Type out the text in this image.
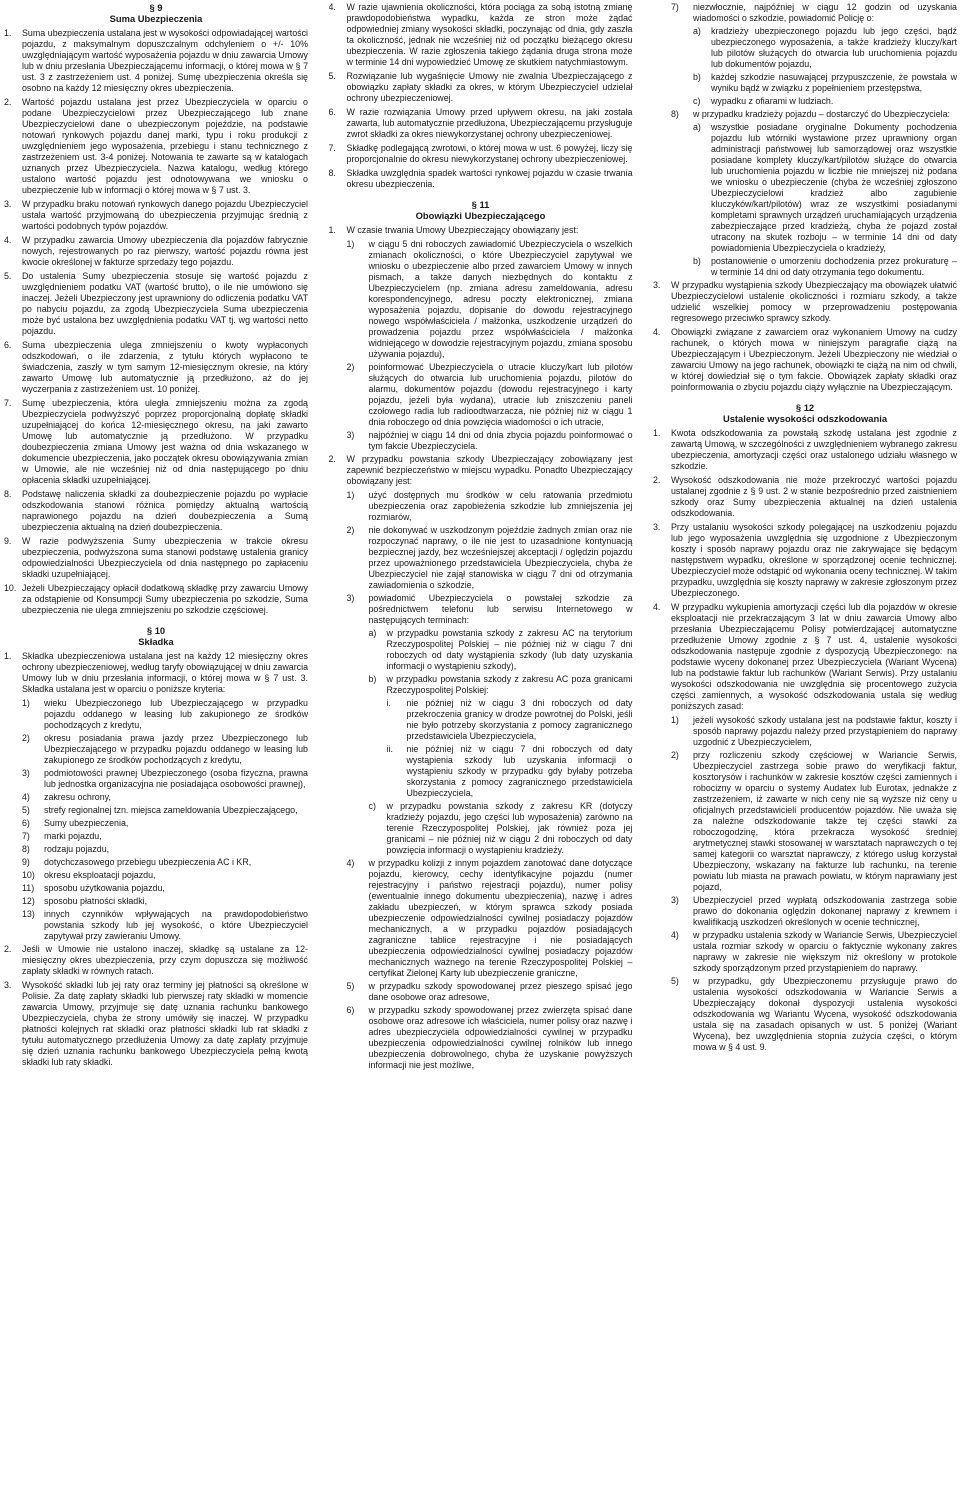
§ 9
Suma Ubezpieczenia
1.	Suma ubezpieczenia ustalana jest w wysokości odpowiadającej wartości pojazdu, z maksymalnym dopuszczalnym odchyleniem o +/- 10% uwzględniającym wartość wyposażenia pojazdu w dniu zawarcia Umowy lub w dniu przesłania Ubezpieczającemu informacji, o której mowa w § 7 ust. 3 z zastrzeżeniem ust. 4 poniżej. Sumę ubezpieczenia określa się osobno na każdy 12 miesięczny okres ubezpieczenia.
2.	Wartość pojazdu ustalana jest przez Ubezpieczyciela w oparciu o podane Ubezpieczycielowi przez Ubezpieczającego lub znane Ubezpieczycielowi dane o ubezpieczonym pojeździe, na podstawie notowań rynkowych pojazdu danej marki, typu i roku produkcji z uwzględnieniem jego wyposażenia, przebiegu i stanu technicznego z zastrzeżeniem ust. 3-4 poniżej. Notowania te zawarte są w katalogach uznanych przez Ubezpieczyciela. Nazwa katalogu, według którego ustalono wartość pojazdu jest odnotowywana we wniosku o ubezpieczenie lub w informacji o której mowa w § 7 ust. 3.
3.	W przypadku braku notowań rynkowych danego pojazdu Ubezpieczyciel ustala wartość przyjmowaną do ubezpieczenia przyjmując średnią z wartości podobnych typów pojazdów.
4.	W przypadku zawarcia Umowy ubezpieczenia dla pojazdów fabrycznie nowych, rejestrowanych po raz pierwszy, wartość pojazdu równa jest kwocie określonej w fakturze sprzedaży tego pojazdu.
5.	Do ustalenia Sumy ubezpieczenia stosuje się wartość pojazdu z uwzględnieniem podatku VAT (wartość brutto), o ile nie umówiono się inaczej. Jeżeli Ubezpieczony jest uprawniony do odliczenia podatku VAT po nabyciu pojazdu, za zgodą Ubezpieczyciela Suma ubezpieczenia może być ustalona bez uwzględnienia podatku VAT tj. wg wartości netto pojazdu.
6.	Suma ubezpieczenia ulega zmniejszeniu o kwoty wypłaconych odszkodowań, o ile zdarzenia, z tytułu których wypłacono te świadczenia, zaszły w tym samym 12-miesięcznym okresie, na który zawarto Umowę lub automatycznie ją przedłużono, aż do jej wyczerpania z zastrzeżeniem ust. 10 poniżej.
7.	Sumę ubezpieczenia, która uległa zmniejszeniu można za zgodą Ubezpieczyciela podwyższyć poprzez proporcjonalną dopłatę składki uzupełniającej do końca 12-miesięcznego okresu, na jaki zawarto Umowę lub automatycznie ją przedłużono. W przypadku doubezpieczenia zmiana Umowy jest ważna od dnia wskazanego w dokumencie ubezpieczenia, jako początek okresu obowiązywania zmian w Umowie, ale nie wcześniej niż od dnia następującego po dniu opłacenia składki uzupełniającej.
8.	Podstawę naliczenia składki za doubezpieczenie pojazdu po wypłacie odszkodowania stanowi różnica pomiędzy aktualną wartością naprawionego pojazdu na dzień doubezpieczenia a Sumą ubezpieczenia aktualną na dzień doubezpieczenia.
9.	W razie podwyższenia Sumy ubezpieczenia w trakcie okresu ubezpieczenia, podwyższona suma stanowi podstawę ustalenia granicy odpowiedzialności Ubezpieczyciela od dnia następnego po zapłaceniu składki uzupełniającej.
10. Jeżeli Ubezpieczający opłacił dodatkową składkę przy zawarciu Umowy za odstąpienie od Konsumpcji Sumy ubezpieczenia po szkodzie, Suma ubezpieczenia nie ulega zmniejszeniu po szkodzie częściowej.
§ 10
Składka
1.	Składka ubezpieczeniowa ustalana jest na każdy 12 miesięczny okres ochrony ubezpieczeniowej, według taryfy obowiązującej w dniu zawarcia Umowy lub w dniu przesłania informacji, o której mowa w § 7 ust. 3. Składka ustalana jest w oparciu o poniższe kryteria:
1)	wieku Ubezpieczonego lub Ubezpieczającego w przypadku pojazdu oddanego w leasing lub zakupionego ze środków pochodzących z kredytu,
2)	okresu posiadania prawa jazdy przez Ubezpieczonego lub Ubezpieczającego w przypadku pojazdu oddanego w leasing lub zakupionego ze środków pochodzących z kredytu,
3)	podmiotowości prawnej Ubezpieczonego (osoba fizyczna, prawna lub jednostka organizacyjna nie posiadająca osobowości prawnej),
4)	zakresu ochrony,
5)	strefy regionalnej tzn. miejsca zameldowania Ubezpieczającego,
6)	Sumy ubezpieczenia,
7)	marki pojazdu,
8)	rodzaju pojazdu,
9)	dotychczasowego przebiegu ubezpieczenia AC i KR,
10)	okresu eksploatacji pojazdu,
11)	sposobu użytkowania pojazdu,
12)	sposobu płatności składki,
13)	innych czynników wpływających na prawdopodobieństwo powstania szkody lub jej wysokość, o które Ubezpieczyciel zapytywał przy zawieraniu Umowy.
2.	Jeśli w Umowie nie ustalono inaczej, składkę są ustalane za 12-miesięczny okres ubezpieczenia, przy czym dopuszcza się możliwość zapłaty składki w równych ratach.
3.	Wysokość składki lub jej raty oraz terminy jej płatności są określone w Polisie. Za datę zapłaty składki lub pierwszej raty składki w momencie zawarcia Umowy, przyjmuje się datę uznania rachunku bankowego Ubezpieczyciela, chyba że strony umówiły się inaczej. W przypadku płatności kolejnych rat składki oraz płatności składki lub rat składki z tytułu automatycznego przedłużenia Umowy za datę zapłaty przyjmuje się dzień uznania rachunku bankowego Ubezpieczyciela pełną kwotą składki lub raty składki.
4.	W razie ujawnienia okoliczności, która pociąga za sobą istotną zmianę prawdopodobieństwa wypadku, każda ze stron może żądać odpowiedniej zmiany wysokości składki, poczynając od dnia, gdy zaszła ta okoliczność, jednak nie wcześniej niż od początku bieżącego okresu ubezpieczenia. W razie zgłoszenia takiego żądania druga strona może w terminie 14 dni wypowiedzieć Umowę ze skutkiem natychmiastowym.
5.	Rozwiązanie lub wygaśnięcie Umowy nie zwalnia Ubezpieczającego z obowiązku zapłaty składki za okres, w którym Ubezpieczyciel udzielał ochrony ubezpieczeniowej.
6.	W razie rozwiązania Umowy przed upływem okresu, na jaki została zawarta, lub automatycznie przedłużona, Ubezpieczającemu przysługuje zwrot składki za okres niewykorzystanej ochrony ubezpieczeniowej.
7.	Składkę podlegającą zwrotowi, o której mowa w ust. 6 powyżej, liczy się proporcjonalnie do okresu niewykorzystanej ochrony ubezpieczeniowej.
8.	Składka uwzględnia spadek wartości rynkowej pojazdu w czasie trwania okresu ubezpieczenia.
§ 11
Obowiązki Ubezpieczającego
1.	W czasie trwania Umowy Ubezpieczający obowiązany jest:
1)	w ciągu 5 dni roboczych zawiadomić Ubezpieczyciela o wszelkich zmianach okoliczności, o które Ubezpieczyciel zapytywał we wniosku o ubezpieczenie albo przed zawarciem Umowy w innych pismach, a także danych niezbędnych do kontaktu z Ubezpieczycielem (np. zmiana adresu zameldowania, adresu korespondencyjnego, adresu poczty elektronicznej, zmiana wyposażenia pojazdu, dopisanie do dowodu rejestracyjnego nowego współwłaściciela / małżonka, uszkodzenie urządzeń do prowadzenia pojazdu przez współwłaściciela / małżonka widniejącego w dowodzie rejestracyjnym pojazdu, zmiana sposobu używania pojazdu),
2)	poinformować Ubezpieczyciela o utracie kluczy/kart lub pilotów służących do otwarcia lub uruchomienia pojazdu, pilotów do alarmu, dokumentów pojazdu (dowodu rejestracyjnego i karty pojazdu, jeżeli była wydana), utracie lub zniszczeniu paneli czołowego radia lub radioodtwarzacza, nie później niż w ciągu 1 dnia roboczego od dnia powzięcia wiadomości o ich utracie,
3)	najpóźniej w ciągu 14 dni od dnia zbycia pojazdu poinformować o tym fakcie Ubezpieczyciela.
2.	W przypadku powstania szkody Ubezpieczający zobowiązany jest zapewnić bezpieczeństwo w miejscu wypadku. Ponadto Ubezpieczający obowiązany jest:
1)	użyć dostępnych mu środków w celu ratowania przedmiotu ubezpieczenia oraz zapobieżenia szkodzie lub zmniejszenia jej rozmiarów,
2)	nie dokonywać w uszkodzonym pojeździe żadnych zmian oraz nie rozpoczynać naprawy, o ile nie jest to uzasadnione kontynuacją bezpiecznej jazdy, bez wcześniejszej akceptacji / oględzin pojazdu przez upoważnionego przedstawiciela Ubezpieczyciela, chyba że Ubezpieczyciel nie zajął stanowiska w ciągu 7 dni od otrzymania zawiadomienia o szkodzie,
3)	powiadomić Ubezpieczyciela o powstałej szkodzie za pośrednictwem telefonu lub serwisu Internetowego w następujących terminach:
a)	w przypadku powstania szkody z zakresu AC na terytorium Rzeczypospolitej Polskiej – nie później niż w ciągu 7 dni roboczych od daty wystąpienia szkody (lub daty uzyskania informacji o wystąpieniu szkody),
b)	w przypadku powstania szkody z zakresu AC poza granicami Rzeczypospolitej Polskiej:
i.	nie później niż w ciągu 3 dni roboczych od daty przekroczenia granicy w drodze powrotnej do Polski, jeśli nie było potrzeby skorzystania z pomocy zagranicznego przedstawiciela Ubezpieczyciela,
ii.	nie później niż w ciągu 7 dni roboczych od daty wystąpienia szkody lub uzyskania informacji o wystąpieniu szkody w przypadku gdy byłaby potrzeba skorzystania z pomocy zagranicznego przedstawiciela Ubezpieczyciela,
c)	w przypadku powstania szkody z zakresu KR (dotyczy kradzieży pojazdu, jego części lub wyposażenia) zarówno na terenie Rzeczypospolitej Polskiej, jak również poza jej granicami – nie później niż w ciągu 2 dni roboczych od daty powzięcia informacji o wystąpieniu kradzieży.
4)	w przypadku kolizji z innym pojazdem zanotować dane dotyczące pojazdu, kierowcy, cechy identyfikacyjne pojazdu (numer rejestracyjny i państwo rejestracji pojazdu), numer polisy (ewentualnie innego dokumentu ubezpieczenia), nazwę i adres zakładu ubezpieczeń, w którym sprawca szkody posiada ubezpieczenie odpowiedzialności cywilnej posiadaczy pojazdów mechanicznych, a w przypadku pojazdów posiadających zagraniczne tablice rejestracyjne i nie posiadających ubezpieczenia odpowiedzialności cywilnej posiadaczy pojazdów mechanicznych ważnego na terenie Rzeczypospolitej Polskiej – certyfikat Zielonej Karty lub ubezpieczenie graniczne,
5)	w przypadku szkody spowodowanej przez pieszego spisać jego dane osobowe oraz adresowe,
6)	w przypadku szkody spowodowanej przez zwierzęta spisać dane osobowe oraz adresowe ich właściciela, numer polisy oraz nazwę i adres ubezpieczyciela odpowiedzialności cywilnej w przypadku ubezpieczenia odpowiedzialności cywilnej rolników lub innego ubezpieczenia dobrowolnego, chyba że uzyskanie powyższych informacji nie jest możliwe,
7)	niezwłocznie, najpóźniej w ciągu 12 godzin od uzyskania wiadomości o szkodzie, powiadomić Policję o:
a)	kradzieży ubezpieczonego pojazdu lub jego części, bądź ubezpieczonego wyposażenia, a także kradzieży kluczy/kart lub pilotów służących do otwarcia lub uruchomienia pojazdu lub dokumentów pojazdu,
b)	każdej szkodzie nasuwającej przypuszczenie, że powstała w wyniku bądź w związku z popełnieniem przestępstwa,
c)	wypadku z ofiarami w ludziach.
8)	w przypadku kradzieży pojazdu – dostarczyć do Ubezpieczyciela:
a)	wszystkie posiadane oryginalne Dokumenty pochodzenia pojazdu lub wtórniki wystawione przez uprawniony organ administracji państwowej lub samorządowej oraz wszystkie posiadane komplety kluczy/kart/pilotów służące do otwarcia lub uruchomienia pojazdu w liczbie nie mniejszej niż podana we wniosku o ubezpieczenie (chyba że wcześniej zgłoszono Ubezpieczycielowi kradzież albo zagubienie kluczyków/kart/pilotów) wraz ze wszystkimi posiadanymi kompletami sprawnych urządzeń uruchamiających urządzenia zabezpieczające przed kradzieżą, chyba że pojazd został utracony na skutek rozboju – w terminie 14 dni od daty powiadomienia Ubezpieczyciela o kradzieży,
b)	postanowienie o umorzeniu dochodzenia przez prokuraturę – w terminie 14 dni od daty otrzymania tego dokumentu.
3.	W przypadku wystąpienia szkody Ubezpieczający ma obowiązek ułatwić Ubezpieczycielowi ustalenie okoliczności i rozmiaru szkody, a także udzielić wszelkiej pomocy w przeprowadzeniu postępowania regresowego przeciwko sprawcy szkody.
4.	Obowiązki związane z zawarciem oraz wykonaniem Umowy na cudzy rachunek, o których mowa w niniejszym paragrafie ciążą na Ubezpieczającym i Ubezpieczonym. Jeżeli Ubezpieczony nie wiedział o zawarciu Umowy na jego rachunek, obowiązki te ciążą na nim od chwili, w której dowiedział się o tym fakcie. Obowiązek zapłaty składki oraz poinformowania o zbyciu pojazdu ciąży wyłącznie na Ubezpieczającym.
§ 12
Ustalenie wysokości odszkodowania
1.	Kwota odszkodowania za powstałą szkodę ustalana jest zgodnie z zawartą Umową, w szczególności z uwzględnieniem wybranego zakresu ubezpieczenia, amortyzacji części oraz ustalonego udziału własnego w szkodzie.
2.	Wysokość odszkodowania nie może przekroczyć wartości pojazdu ustalanej zgodnie z § 9 ust. 2 w stanie bezpośrednio przed zaistnieniem szkody oraz Sumy ubezpieczenia aktualnej na dzień ustalenia odszkodowania.
3.	Przy ustalaniu wysokości szkody polegającej na uszkodzeniu pojazdu lub jego wyposażenia uwzględnia się uzgodnione z Ubezpieczonym koszty i sposób naprawy pojazdu oraz nie zakrywające się będącym następstwem wypadku, określone w sporządzonej ocenie technicznej. Ubezpieczyciel może odstąpić od wykonania oceny technicznej. W takim przypadku, uwzględnia się koszty naprawy w zakresie zgłoszonym przez Ubezpieczonego.
4.	W przypadku wykupienia amortyzacji części lub dla pojazdów w okresie eksploatacji nie przekraczającym 3 lat w dniu zawarcia Umowy albo przesłania Ubezpieczającemu Polisy potwierdzającej automatyczne przedłużenie Umowy zgodnie z § 7 ust. 4, ustalenie wysokości odszkodowania następuje zgodnie z dyspozycją Ubezpieczonego: na podstawie wyceny dokonanej przez Ubezpieczyciela (Wariant Wycena) lub na podstawie faktur lub rachunków (Wariant Serwis). Przy ustalaniu wysokości odszkodowania nie uwzględnia się procentowego zużycia części zamiennych, a wysokość odszkodowania ustala się według poniższych zasad:
1)	jeżeli wysokość szkody ustalana jest na podstawie faktur, koszty i sposób naprawy pojazdu należy przed przystąpieniem do naprawy uzgodnić z Ubezpieczycielem,
2)	przy rozliczeniu szkody częściowej w Wariancie Serwis, Ubezpieczyciel zastrzega sobie prawo do weryfikacji faktur, kosztorysów i rachunków w zakresie kosztów części zamiennych i robocizny w oparciu o systemy Audatex lub Eurotax, jednakże z zastrzeżeniem, iż zawarte w nich ceny nie są wyższe niż ceny u oficjalnych przedstawicieli producentów pojazdów. Nie uważa się za należne odszkodowanie także tej części stawki za roboczogodzinę, która przekracza wysokość średniej arytmetycznej stawki stosowanej w warsztatach naprawczych o tej samej kategorii co warsztat naprawczy, z którego usług korzystał Ubezpieczony, wskazany na fakturze lub rachunku, na terenie powiatu lub miasta na prawach powiatu, w którym naprawiany jest pojazd,
3)	Ubezpieczyciel przed wypłatą odszkodowania zastrzega sobie prawo do dokonania oględzin dokonanej naprawy z krewnem i kwalifikacją uszkodzeń określonych w ocenie technicznej,
4)	w przypadku ustalenia szkody w Wariancie Serwis, Ubezpieczyciel ustala rozmiar szkody w oparciu o faktycznie wykonany zakres naprawy w zakresie nie większym niż określony w protokole szkody sporządzonym przed przystąpieniem do naprawy.
5)	w przypadku, gdy Ubezpieczonemu przysługuje prawo do ustalenia wysokości odszkodowania w Wariancie Serwis a Ubezpieczający dokonał dyspozycji ustalenia wysokości odszkodowania wg Wariantu Wycena, wysokość odszkodowania ustala się na zasadach opisanych w ust. 5 poniżej (Wariant Wycena), bez uwzględnienia stopnia zużycia części, o którym mowa w § 4 ust. 9.
